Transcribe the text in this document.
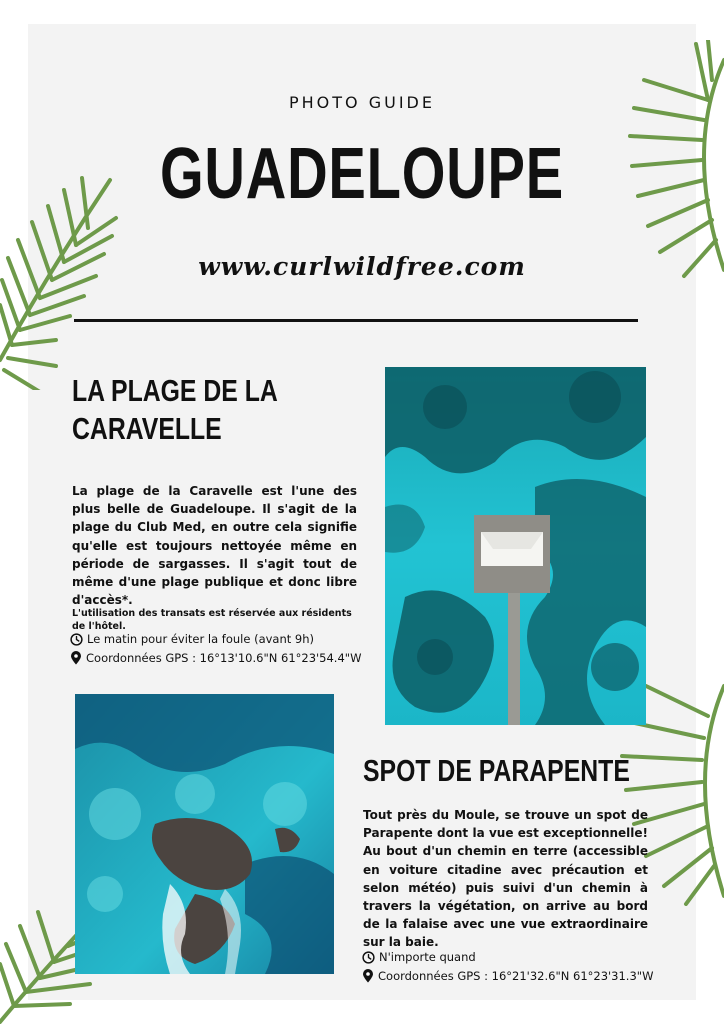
PHOTO GUIDE
GUADELOUPE
www.curlwildfree.com
LA PLAGE DE LA
CARAVELLE
La plage de la Caravelle est l'une des plus belle de Guadeloupe. Il s'agit de la plage du Club Med, en outre cela signifie qu'elle est toujours nettoyée même en période de sargasses. Il s'agit tout de même d'une plage publique et donc libre d'accès*.
L'utilisation des transats est réservée aux résidents de l'hôtel.
Le matin pour éviter la foule (avant 9h)
Coordonnées GPS : 16°13'10.6"N 61°23'54.4"W
SPOT DE PARAPENTE
Tout près du Moule, se trouve un spot de Parapente dont la vue est exceptionnelle! Au bout d'un chemin en terre (accessible en voiture citadine avec précaution et selon météo) puis suivi d'un chemin à travers la végétation, on arrive au bord de la falaise avec une vue extraordinaire sur la baie.
N'importe quand
Coordonnées GPS : 16°21'32.6"N 61°23'31.3"W
